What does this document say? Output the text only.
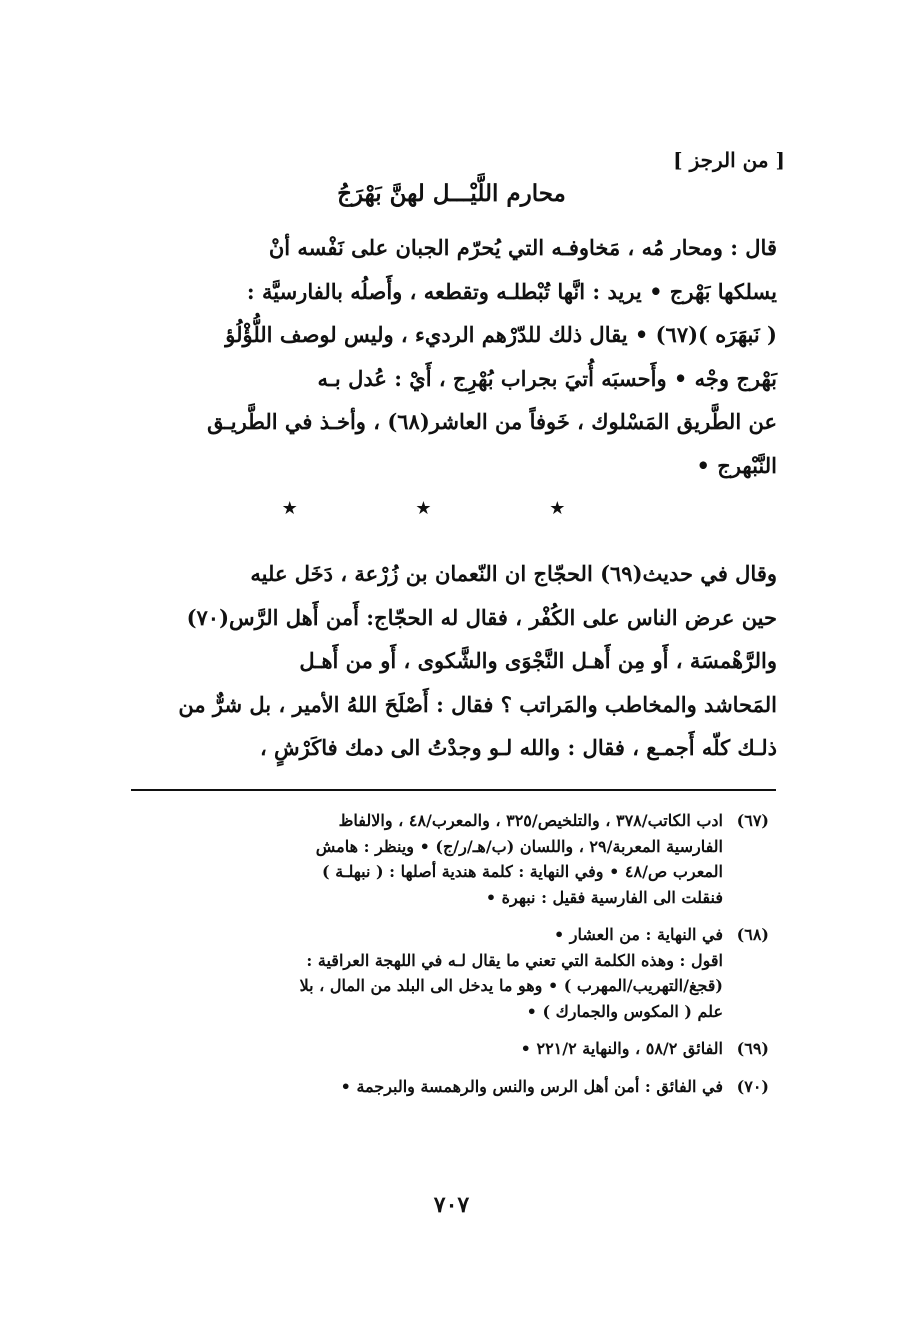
[ من الرجز ]
محارم اللَّيْـــل لهنَّ بَهْرَجُ
قال : ومحار مُه ، مَخاوفـه التي يُحرّم الجبان على نَفْسه أنْ
يسلكها بَهْرج • يريد : انَّها تُبْطلـه وتقطعه ، وأَصلُه بالفارسيَّة :
( نَبهَرَه )(٦٧) • يقال ذلك للدّرْهم الرديء ، وليس لوصف اللُّؤْلُؤ
بَهْرج وجْه • وأَحسبَه أُتيَ بجراب بُهْرِج ، أَيْ : عُدل بـه
عن الطَّريق المَسْلوك ، خَوفاً من العاشر(٦٨) ، وأخـذ في الطَّريـق
النَّبْهرج •
★ ★ ★
وقال في حديث(٦٩) الحجّاج ان النّعمان بن زُرْعة ، دَخَل عليه
حين عرض الناس على الكُفْر ، فقال له الحجّاج: أَمن أَهل الرَّس(٧٠)
والرَّهْمسَة ، أَو مِن أَهـل النَّجْوَى والشَّكوى ، أَو من أَهـل
المَحاشد والمخاطب والمَراتب ؟ فقال : أَصْلَحَ اللهُ الأمير ، بل شرٌّ من
ذلـك كلّه أَجمـع ، فقال : والله لـو وجدْتُ الى دمك فاكَرْشٍ ،
(٦٧)
ادب الكاتب/٣٧٨ ، والتلخيص/٣٢٥ ، والمعرب/٤٨ ، والالفاظ
الفارسية المعربة/٢٩ ، واللسان (ب/هـ/ر/ج) • وينظر : هامش
المعرب ص/٤٨ • وفي النهاية : كلمة هندية أصلها : ( نبهلـة )
فنقلت الى الفارسية فقيل : نبهرة •
(٦٨)
في النهاية : من العشار •
اقول : وهذه الكلمة التي تعني ما يقال لـه في اللهجة العراقية :
(قجغ/التهريب/المهرب ) • وهو ما يدخل الى البلد من المال ، بلا
علم ( المكوس والجمارك ) •
(٦٩)
الفائق ٥٨/٢ ، والنهاية ٢٢١/٢ •
(٧٠)
في الفائق : أمن أهل الرس والنس والرهمسة والبرجمة •
٧٠٧
